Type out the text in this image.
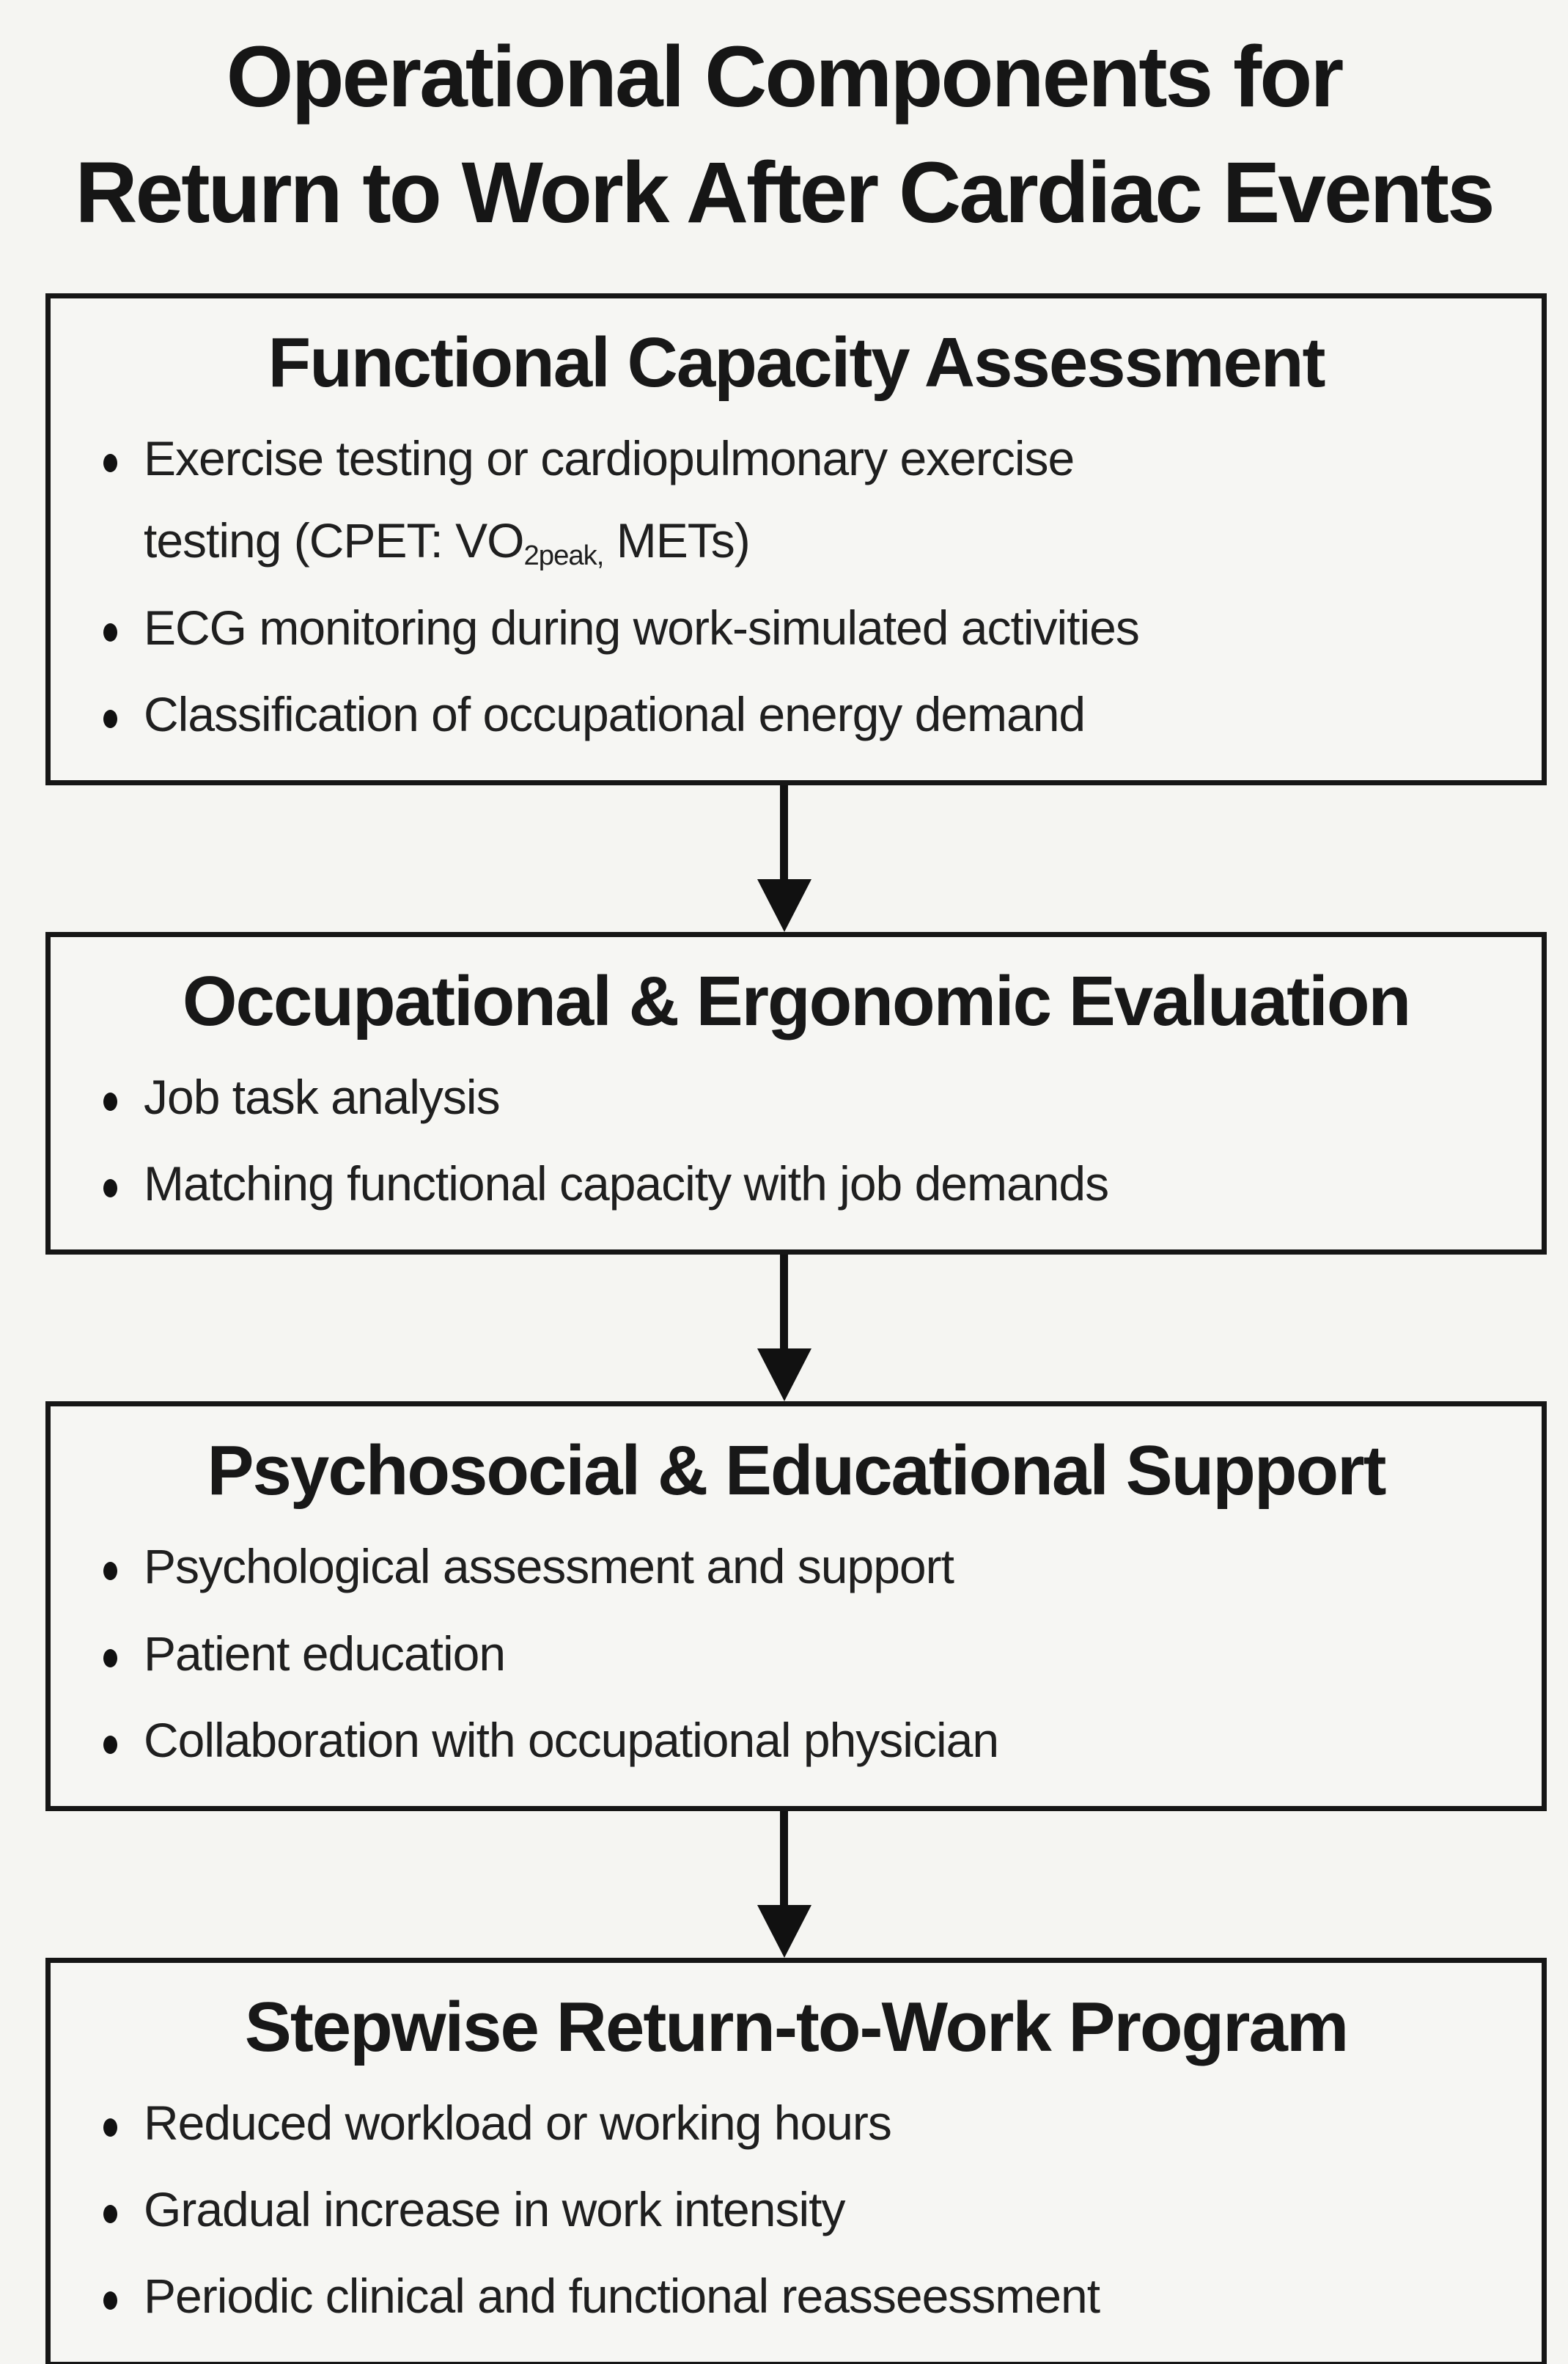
Operational Components for
Return to Work After Cardiac Events
Functional Capacity Assessment
Exercise testing or cardiopulmonary exercise
testing (CPET: VO2peak, METs)
ECG monitoring during work-simulated activities
Classification of occupational energy demand
Occupational & Ergonomic Evaluation
Job task analysis
Matching functional capacity with job demands
Psychosocial & Educational Support
Psychological assessment and support
Patient education
Collaboration with occupational physician
Stepwise Return-to-Work Program
Reduced workload or working hours
Gradual increase in work intensity
Periodic clinical and functional reasseessment
